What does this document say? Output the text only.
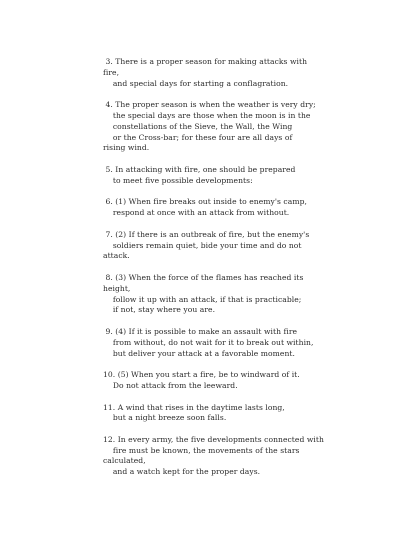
3. There is a proper season for making attacks with
fire,
and special days for starting a conflagration.

4. The proper season is when the weather is very dry;
the special days are those when the moon is in the
constellations of the Sieve, the Wall, the Wing
or the Cross-bar; for these four are all days of
rising wind.

5. In attacking with fire, one should be prepared
to meet five possible developments:

6. (1) When fire breaks out inside to enemy's camp,
respond at once with an attack from without.

7. (2) If there is an outbreak of fire, but the enemy's
soldiers remain quiet, bide your time and do not
attack.

8. (3) When the force of the flames has reached its
height,
follow it up with an attack, if that is practicable;
if not, stay where you are.

9. (4) If it is possible to make an assault with fire
from without, do not wait for it to break out within,
but deliver your attack at a favorable moment.

10. (5) When you start a fire, be to windward of it.
Do not attack from the leeward.

11. A wind that rises in the daytime lasts long,
but a night breeze soon falls.

12. In every army, the five developments connected with
fire must be known, the movements of the stars
calculated,
and a watch kept for the proper days.
